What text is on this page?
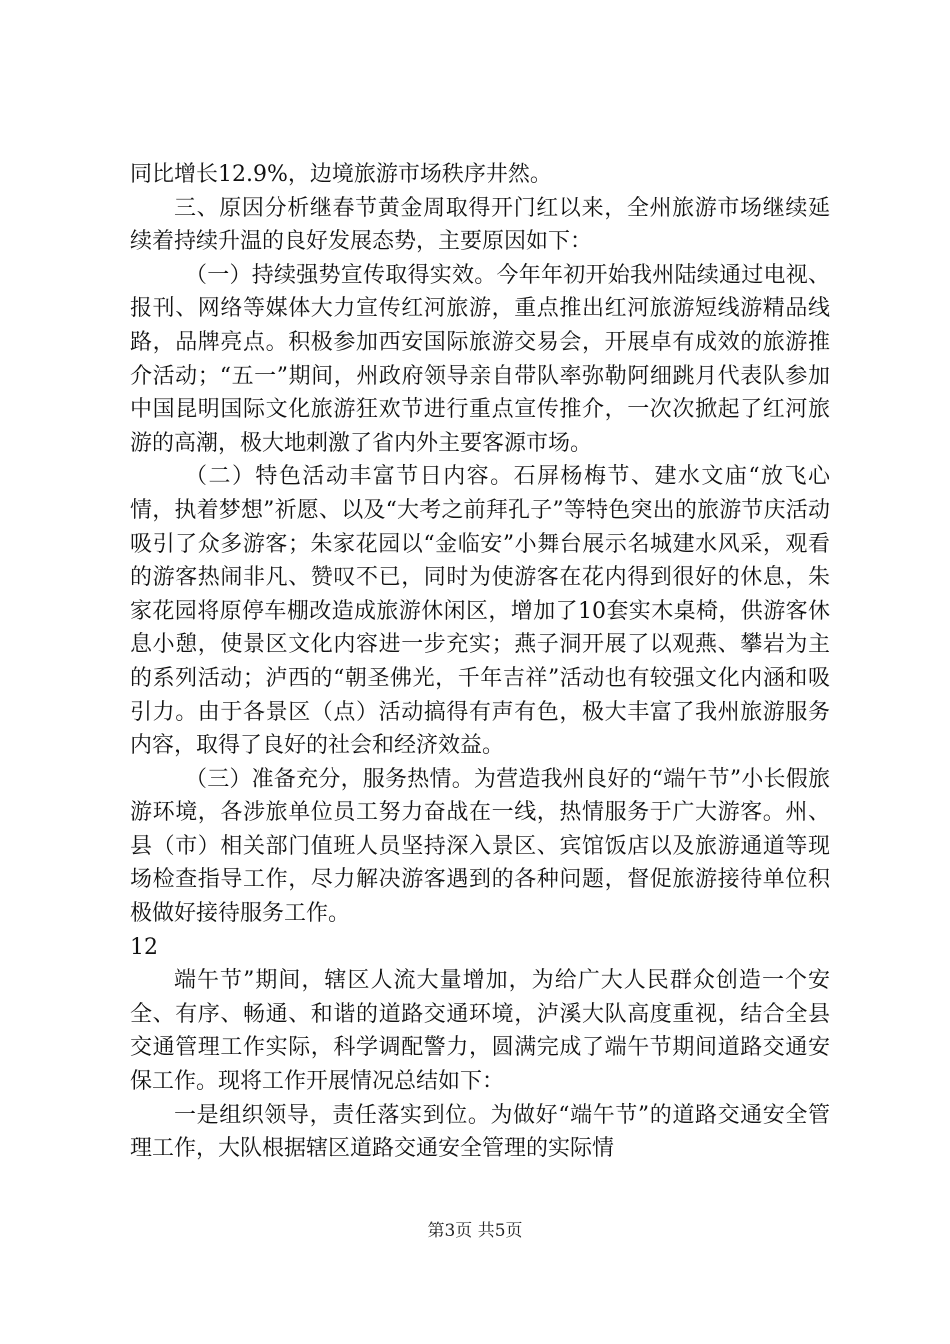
同比增长12.9%，边境旅游市场秩序井然。

三、原因分析继春节黄金周取得开门红以来，全州旅游市场继续延续着持续升温的良好发展态势，主要原因如下：

（一）持续强势宣传取得实效。今年年初开始我州陆续通过电视、报刊、网络等媒体大力宣传红河旅游，重点推出红河旅游短线游精品线路，品牌亮点。积极参加西安国际旅游交易会，开展卓有成效的旅游推介活动；“五一”期间，州政府领导亲自带队率弥勒阿细跳月代表队参加中国昆明国际文化旅游狂欢节进行重点宣传推介，一次次掀起了红河旅游的高潮，极大地刺激了省内外主要客源市场。

（二）特色活动丰富节日内容。石屏杨梅节、建水文庙“放飞心情，执着梦想”祈愿、以及“大考之前拜孔子”等特色突出的旅游节庆活动吸引了众多游客；朱家花园以“金临安”小舞台展示名城建水风采，观看的游客热闹非凡、赞叹不已，同时为使游客在花内得到很好的休息，朱家花园将原停车棚改造成旅游休闲区，增加了10套实木桌椅，供游客休息小憩，使景区文化内容进一步充实；燕子洞开展了以观燕、攀岩为主的系列活动；泸西的“朝圣佛光，千年吉祥”活动也有较强文化内涵和吸引力。由于各景区（点）活动搞得有声有色，极大丰富了我州旅游服务内容，取得了良好的社会和经济效益。

（三）准备充分，服务热情。为营造我州良好的“端午节”小长假旅游环境，各涉旅单位员工努力奋战在一线，热情服务于广大游客。州、县（市）相关部门值班人员坚持深入景区、宾馆饭店以及旅游通道等现场检查指导工作，尽力解决游客遇到的各种问题，督促旅游接待单位积极做好接待服务工作。

12

端午节”期间，辖区人流大量增加，为给广大人民群众创造一个安全、有序、畅通、和谐的道路交通环境，泸溪大队高度重视，结合全县交通管理工作实际，科学调配警力，圆满完成了端午节期间道路交通安保工作。现将工作开展情况总结如下：

一是组织领导，责任落实到位。为做好“端午节”的道路交通安全管理工作，大队根据辖区道路交通安全管理的实际情

第3页 共5页
